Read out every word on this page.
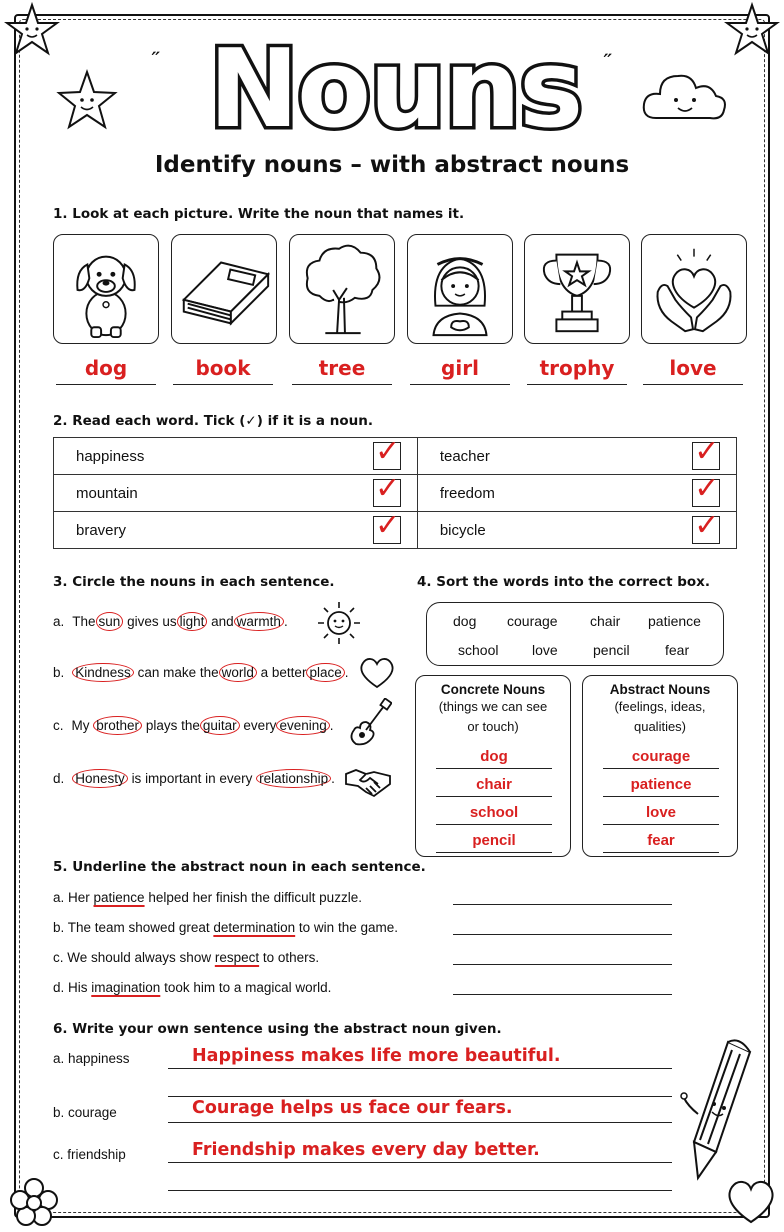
Nouns
˶	˶
Identify nouns – with abstract nouns
1. Look at each picture. Write the noun that names it.
dog	book	tree	girl	trophy	love
2. Read each word. Tick (✓) if it is a noun.
happiness	✓	teacher	✓

mountain	✓	freedom	✓

bravery	✓	bicycle	✓
3. Circle the nouns in each sentence.
a. The sun gives us light and warmth .
b. Kindness can make the world a better place .
c. My brother plays the guitar every evening .
d. Honesty is important in every relationship .
4. Sort the words into the correct box.
dog courage chair patience
school love	pencil	fear
Concrete Nouns
(things we can see
or touch)
dog
chair
school
pencil
Abstract Nouns
(feelings, ideas,
qualities)
courage
patience
love
fear
5. Underline the abstract noun in each sentence.
a. Her patience helped her finish the difficult puzzle.
b. The team showed great determination to win the game.
c. We should always show respect to others.
d. His imagination took him to a magical world.
6. Write your own sentence using the abstract noun given.
a. happiness
b. courage
c. friendship
Happiness makes life more beautiful.
Courage helps us face our fears.
Friendship makes every day better.
